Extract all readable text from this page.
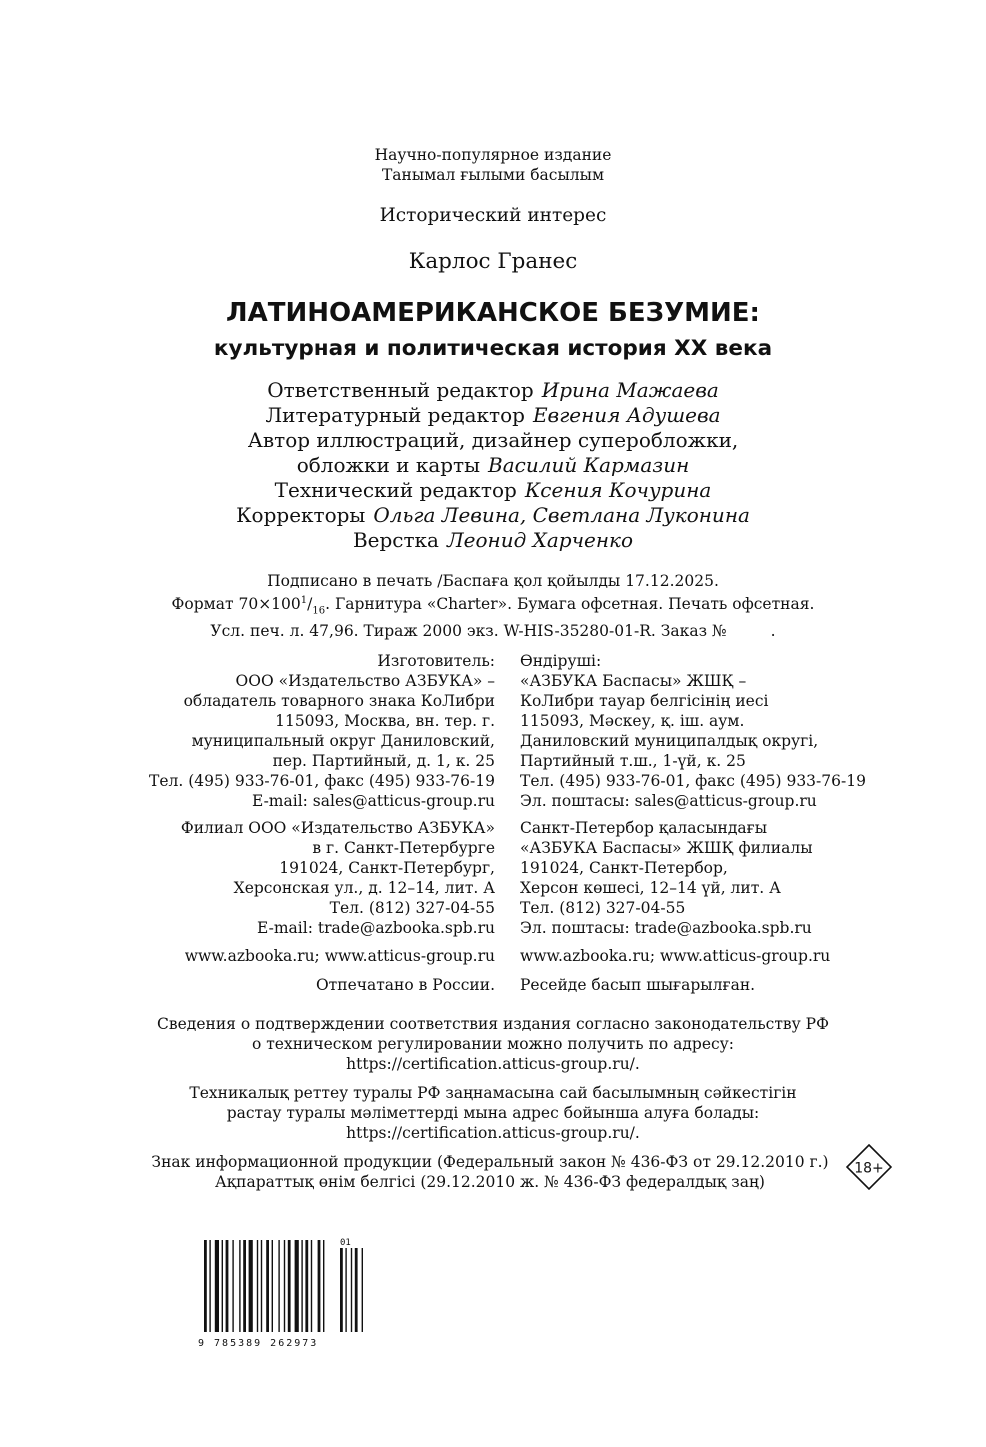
Научно-популярное издание
Танымал ғылыми басылым
Исторический интерес
Карлос Гранес
ЛАТИНОАМЕРИКАНСКОЕ БЕЗУМИЕ:
культурная и политическая история XX века
Ответственный редактор Ирина Мажаева
Литературный редактор Евгения Адушева
Автор иллюстраций, дизайнер суперобложки,
обложки и карты Василий Кармазин
Технический редактор Ксения Кочурина
Корректоры Ольга Левина, Светлана Луконина
Верстка Леонид Харченко
Подписано в печать /Баспаға қол қойылды 17.12.2025.
Формат $70\times 100^1/_{16}$. Гарнитура «Charter». Бумага офсетная. Печать офсетная.
Усл. печ. л. 47,96. Тираж 2000 экз. W-HIS-35280-01-R. Заказ №	.
Изготовитель:
ООО «Издательство АЗБУКА» –
обладатель товарного знака КоЛибри
115093, Москва, вн. тер. г.
муниципальный округ Даниловский,
пер. Партийный, д. 1, к. 25
Тел. (495) 933-76-01, факс (495) 933-76-19
E-mail: sales@atticus-group.ru
Өндіруші:
«АЗБУКА Баспасы» ЖШҚ –
КоЛибри тауар белгісінің иесі
115093, Мәскеу, қ. іш. аум.
Даниловский муниципалдық округі,
Партийный т.ш., 1-үй, к. 25
Тел. (495) 933-76-01, факс (495) 933-76-19
Эл. поштасы: sales@atticus-group.ru
Филиал ООО «Издательство АЗБУКА»
в г. Санкт-Петербурге
191024, Санкт-Петербург,
Херсонская ул., д. 12–14, лит. А
Тел. (812) 327-04-55
E-mail: trade@azbooka.spb.ru
Санкт-Петербор қаласындағы
«АЗБУКА Баспасы» ЖШҚ филиалы
191024, Санкт-Петербор,
Херсон көшесі, 12–14 үй, лит. А
Тел. (812) 327-04-55
Эл. поштасы: trade@azbooka.spb.ru
www.azbooka.ru; www.atticus-group.ru www.azbooka.ru; www.atticus-group.ru
Отпечатано в России. Ресейде басып шығарылған.
Сведения о подтверждении соответствия издания согласно законодательству РФ
о техническом регулировании можно получить по адресу:
https://certification.atticus-group.ru/.
Техникалық реттеу туралы РФ заңнамасына сай басылымның сәйкестігін
растау туралы мәліметтерді мына адрес бойынша алуға болады:
https://certification.atticus-group.ru/.
Знак информационной продукции (Федеральный закон № 436-ФЗ от 29.12.2010 г.)
Ақпараттық өнім белгісі (29.12.2010 ж. № 436-ФЗ федералдық заң)
18+
01
9 785389 262973
